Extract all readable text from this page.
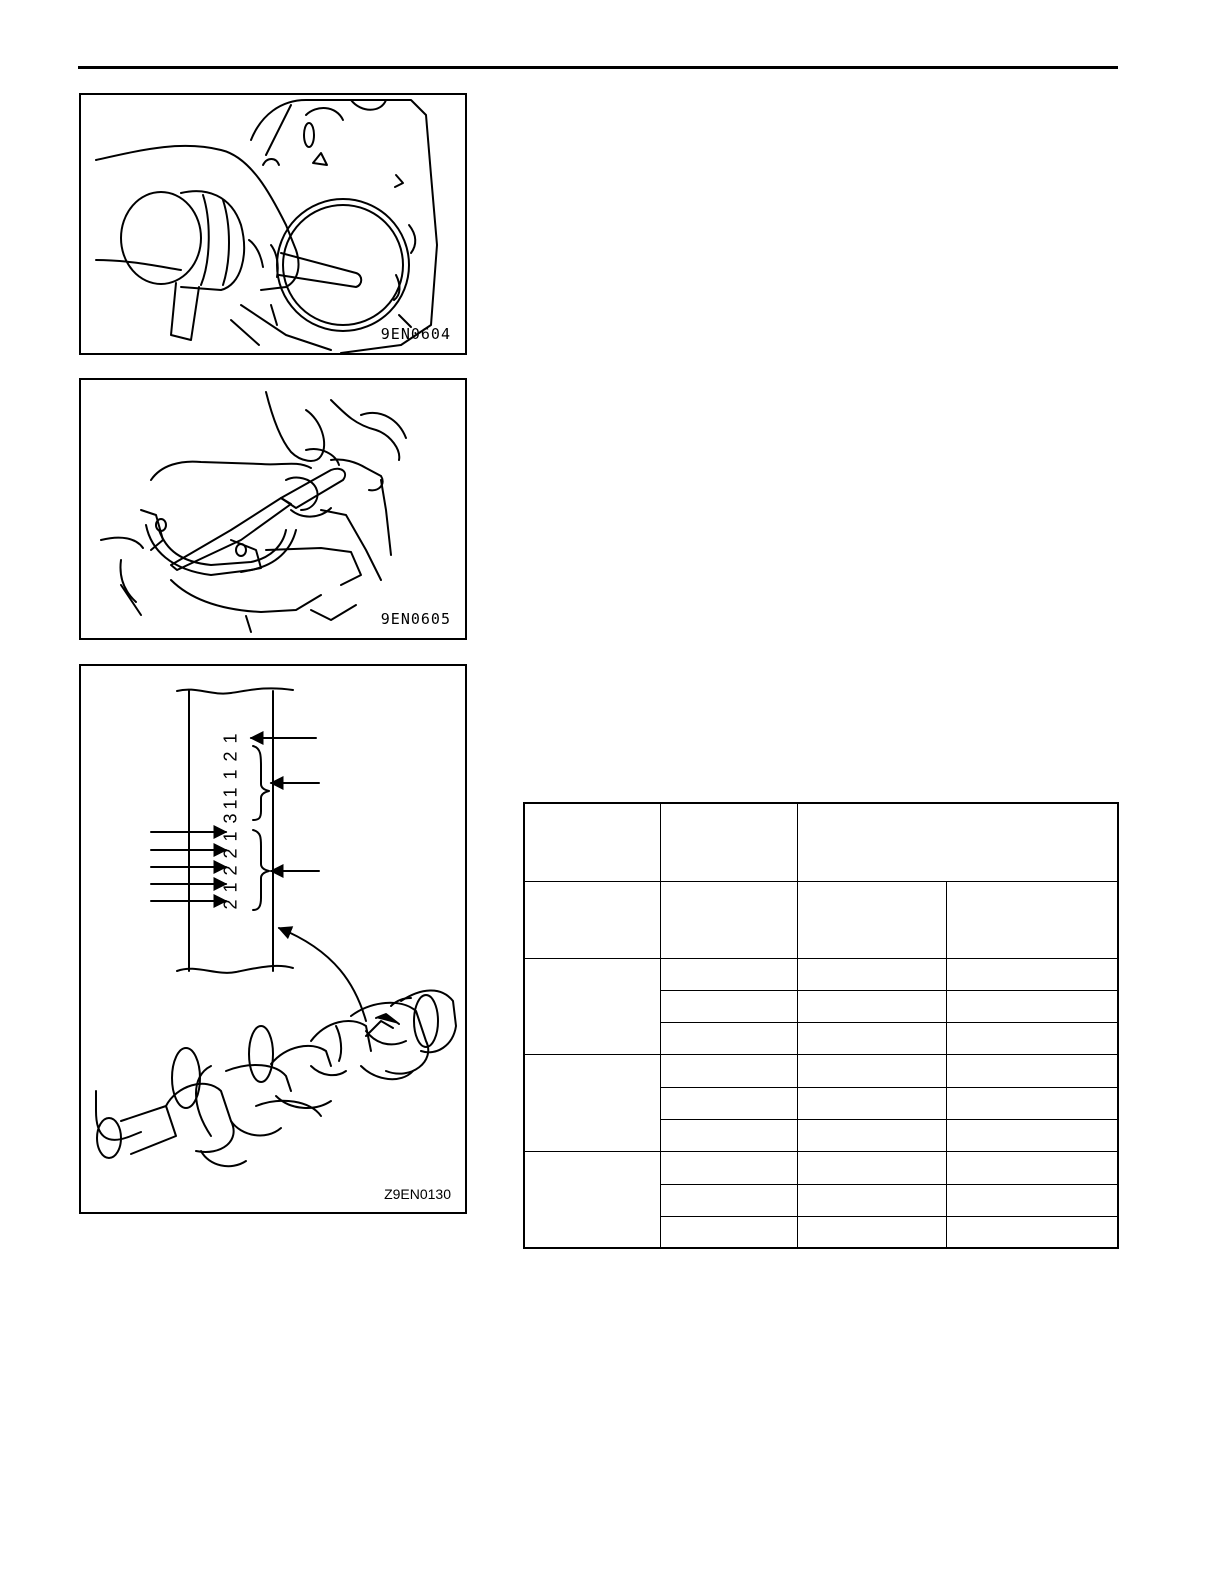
9EN0604
9EN0605
1
2
1
1
1
3
1
2
2
1
2
Z9EN0130
